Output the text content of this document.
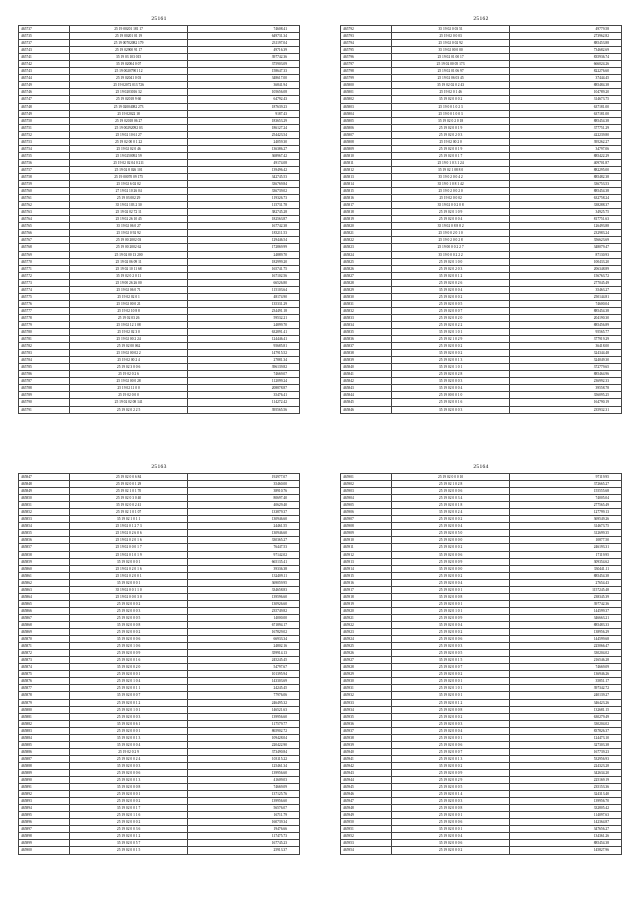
25161
465737	25 19 00201 181 17	74608.41
465735	25 19 00201 01 19	649731.34
465737	25 19 00702082 179	231197.04
465743	25 19 02900 91 17	49716.39
465741	35 19 03 103 015	397742.36
465742	35 19 02004 0 07	375903.09
465743	25 19 00207901 12	158647.33
465744	25 19 02041 0 03	348617.00
465749	25 19 02072 013 726	36841.94
465746	25 19 0203016 32	105656.08
465747	25 19 02018 9 60	64792.43
465748	25 19 02004082 273	187639.23
465749	25 19 02022 18	9187.43
465750	25 19 02018 06 27	183653.29
465751	25 19 00292092 03	186127.24
465752	25 19 02 10 61 27	254423.54
465753	25 19 02 00 0 1 22	24059.30
465754	25 19 02 02 0 46	136386.27
465755	25 19 0250092 59	368967.42
465756	25 19 02 02 04 0 211	49174.08
465757	25 19 02 8 026 101	139496.42
465758	25 19 00070 09 175	342745.53
465759	25 19 02 6 02 02	336769.84
465760	27 19 02 10 26 04	336739.02
465761	25 19 03 002 29	119326.73
465762	35 19 02 103 2 30	115731.78
465763	25 19 02 02 72 11	382745.28
465764	25 19 02 26 10 45	182563.87
465765	35 19 02 06 0 27	167742.38
465766	25 19 02 0 92 92	183211.53
465767	25 19 00 2002 03	129446.54
465768	25 19 00 2002 62	172869.99
465769	25 19 02 00 13 200	24889.70
465770	25 19 02 06 09 11	182999.20
465771	25 19 02 10 11 68	165741.75
465772	35 19 02 0 2 0 11	167102.56
465773	25 19 00 26 26 00	66526.80
465774	25 19 02 06 0 71	115103.64
465775	25 19 02 02 0 1	48174.90
465776	25 19 02 00 0 21	135331.29
465777	25 19 02 10 8 8	234491.18
465778	25 19 02 03 26	59532.21
465779	25 19 02 12 1 08	24899.70
465780	25 19 02 02 3 0	632891.41
465781	25 19 02 00 2 24	124446.41
465782	25 19 02 00 062	95685.81
465783	25 19 02 00 02 2	147915.52
465784	25 19 02 00 2 4	27881.34
465785	25 19 02 3 0 0 6	396139.82
465786	25 19 02 0 2 6	74669.07
465787	25 19 02 00 0 28	112099.24
465788	25 19 02 11 0 0	208878.87
465789	25 19 02 0 0 0	35476.41
465790	25 19 02 02 08 141	114272.42
465791	25 19 02 0 2 2 5	395565.56
25162
465792	35 19 02 0 03 51	49779.58
465793	25 19 02 0 0 03	273962.82
465794	25 19 02 0 02 92	885453.88
465795	35 19 02 00 0 00	734682.69
465796	25 19 02 01 00 17	835936.74
465797	25 19 02 00 05 173	666024.26
465798	25 19 02 01 06 97	822276.60
465799	25 19 02 06 03 45	37444.45
465800	35 19 02 02 0 2 43	885484.38
465801	25 19 02 0 1 46	104789.20
465802	35 19 02 0 0 0 2	314673.75
465803	25 19 0 0 1 0 2 3	637181.00
465804	25 19 0 0 1 0 0 3	637181.00
465805	35 19 02 0 2 0 18	885454.38
465806	25 19 02 0 0 1 9	377751.29
465807	25 19 02 0 2 0 3	422239.80
465808	25 19 02 00 2 0	395262.27
465809	25 19 02 0 0 1 9	34797.06
465810	25 19 02 0 0 1 7	885422.29
465811	25 19 0 1 0 3 1 24	409701.87
465812	35 19 02 1 08 8 0	882295.00
465813	35 19 0 2 0 0 4 2	885482.38
465814	35 19 0 1 0 8 1 42	336753.53
465815	25 19 0 2 0 0 2 0	885454.38
465816	25 19 02 0 0 02	632758.24
465817	35 19 02 0 0 2 0 8	338288.37
465818	25 19 02 0 1 0 9	34925.75
465819	25 19 02 0 0 0 4	817751.63
465820	35 19 02 0 8 8 8 2	126493.88
465821	25 19 0 0 2 0 1 0	232983.24
465822	25 19 0 2 0 0 2 8	356623.69
465823	25 19 00 0 0 2 2 7	348079.47
465824	35 19 0 0 0 2 2 2	87130.93
465825	25 19 02 0 1 0 0	100433.20
465826	25 19 02 0 2 0 3	206348.89
465827	35 19 02 0 0 1 2	156763.72
465828	25 19 02 0 0 2 6	277045.49
465829	35 19 02 0 0 0 4	35463.27
465830	25 19 02 0 0 0 2	250144.81
465831	25 19 02 0 0 0 5	74600.04
465832	25 19 02 0 0 0 7	885454.38
465833	25 19 02 0 0 2 0	204190.30
465834	25 19 02 0 0 2 2	885456.89
465835	35 19 02 0 1 0 1	95565.77
465836	25 19 02 1 0 2 9	377919.29
465837	25 19 02 0 0 0 2	36418.00
465838	35 19 02 0 0 0 2	324344.48
465839	25 19 02 0 0 1 3	324049.30
465840	35 19 02 0 1 0 1	372779.65
465841	25 19 02 0 0 2 8	885464.96
465842	35 19 02 0 0 0 3	236992.33
465843	35 19 02 0 0 0 4	39558.78
465844	25 19 00 0 0 1 0	356095.25
465845	25 19 02 0 0 1 6	164790.19
465846	35 19 02 0 0 0 3	235932.31
25163
465847	25 19 02 0 0 6 84	192977.07
465848	25 19 02 0 0 1 29	35460.00
465849	25 19 02 1 0 1 70	38910.76
465850	25 19 02 0 3 0 40	80697.40
465851	35 19 02 0 0 2 41	40629.40
465852	25 19 02 1 0 1 07	133879.37
465853	35 19 02 1 0 1 1	130946.60
465854	25 19 02 0 1 2 7 3	24461.55
465855	25 19 02 0 2 6 0 6	130946.60
465856	25 19 02 0 2 0 1 6	330365.27
465857	25 19 02 0 0 0 1 7	76447.53
465858	25 19 02 0 1 0 1 9	97142.02
465859	35 19 02 0 0 0 1	665135.41
465860	25 19 02 0 2 0 1 6	39336.38
465861	25 19 02 0 2 0 0 1	132409.11
465862	35 19 02 0 0 0 1	369059.95
465863	35 19 02 0 0 1 1 0	334658.83
465864	25 19 02 0 0 0 3 0	139596.60
465865	25 19 02 0 0 0 2	130926.60
465866	25 19 02 0 0 0 3	235749.82
465867	25 19 02 0 0 0 5	14000.00
465868	35 19 02 0 0 0 8	671894.17
465869	25 19 02 0 0 0 2	167829.02
465870	35 19 02 0 0 0 6	66933.34
465871	25 19 02 0 1 0 6	24802.16
465872	25 19 02 0 0 0 9	359914.13
465873	25 19 02 0 0 1 6	245245.45
465874	35 19 02 0 0 2 0	54797.67
465875	25 19 02 0 0 0 1	101395.94
465876	25 19 02 0 1 0 4	143303.69
465877	25 19 02 0 0 1 1	24245.45
465878	35 19 02 0 0 0 7	77976.06
465879	25 19 02 0 0 1 2	246495.32
465880	25 19 02 0 1 0 1	146521.63
465881	25 19 02 0 0 0 3	139956.60
465882	35 19 02 0 0 6 1	117579.77
465883	25 19 02 0 0 0 1	865902.72
465884	35 19 02 0 0 1 3	109428.04
465885	35 19 02 0 0 0 4	220422.90
465886	25 19 02 0 2 9	373490.84
465887	25 19 02 0 0 2 4	103115.22
465888	35 19 02 0 0 0 3	125461.34
465889	25 19 02 0 0 0 6	139956.60
465890	25 19 02 0 0 1 3	41609.03
465891	35 19 02 0 0 0 8	74669.09
465892	25 19 02 0 0 0 1	137125.76
465893	25 19 02 0 0 0 2	139956.60
465894	35 19 02 0 0 1 7	56576.07
465895	25 19 02 0 1 1 6	16711.79
465896	25 19 02 0 0 0 2	160739.34
465897	25 19 02 0 0 3 6	19476.66
465898	25 19 02 0 0 1 2	117475.73
465899	35 19 02 0 0 5 7	167745.23
465900	25 19 02 0 0 1 5	25913.37
25164
465901	25 19 02 0 0 0 10	97119.95
465902	25 19 02 1 0 2 8	372665.27
465903	25 19 02 0 0 0 6	155555.68
465904	25 19 02 0 0 3 4	74005.04
465905	25 19 02 0 0 1 8	277565.49
465906	35 19 02 0 0 2 4	127799.13
465907	25 19 02 0 0 0 2	369549.26
465908	25 19 02 0 0 0 4	314673.75
465909	25 19 02 0 0 5 0	312699.35
465910	25 19 02 0 0 0 0	10877.50
465911	25 19 02 0 0 0 2	246193.31
465912	35 19 02 0 0 0 6	17119.95
465913	25 19 02 0 0 0 9	309354.62
465914	35 19 02 0 0 0 0	330441.11
465915	25 19 02 0 0 0 2	885454.38
465916	25 19 02 0 0 0 4	27654.43
465917	25 19 02 0 0 0 1	1157245.48
465918	35 19 02 0 0 0 8	238345.39
465919	25 19 02 0 0 0 1	397742.36
465920	25 19 02 0 1 0 1	144599.37
465921	25 19 02 0 0 0 9	346663.21
465922	35 19 02 0 0 0 4	885483.33
465923	25 19 02 0 0 0 2	138956.29
465924	25 19 02 0 0 0 6	144599.68
465925	25 19 02 0 0 0 3	225066.47
465926	25 19 02 0 0 0 5	330204.02
465927	35 19 02 0 0 1 5	216546.28
465928	25 19 02 0 0 0 7	74669.09
465929	25 19 02 0 0 0 2	136946.26
465930	25 19 02 0 0 0 1	35851.17
465931	25 19 02 0 1 0 1	397342.72
465932	35 19 02 0 0 0 1	240139.27
465933	25 19 02 0 0 1 2	346423.26
465934	25 19 02 0 0 0 8	132681.15
465935	25 19 02 0 0 0 2	630279.49
465936	25 19 02 0 0 0 3	330204.02
465937	25 19 02 0 0 0 4	837826.37
465938	25 19 02 0 0 0 1	124473.10
465939	25 19 02 0 0 0 6	327303.38
465940	25 19 02 0 0 0 7	167739.23
465941	25 19 02 0 0 1 3	532956.93
465942	35 19 02 0 0 0 2	224323.28
465943	25 19 02 0 0 0 9	342634.20
465944	25 19 02 0 0 2 9	225169.19
465945	25 19 02 0 0 0 5	235153.36
465946	25 19 02 0 0 1 4	324313.40
465947	25 19 02 0 0 0 3	139956.70
465948	25 19 02 0 0 0 8	332805.42
465949	25 19 02 0 0 0 1	114097.63
465950	25 19 02 0 0 0 6	142364.87
465951	35 19 02 0 0 0 1	347656.27
465952	25 19 02 0 0 0 4	134361.26
465953	35 19 02 0 0 0 6	885454.38
465954	25 19 02 0 0 0 2	145827.96
